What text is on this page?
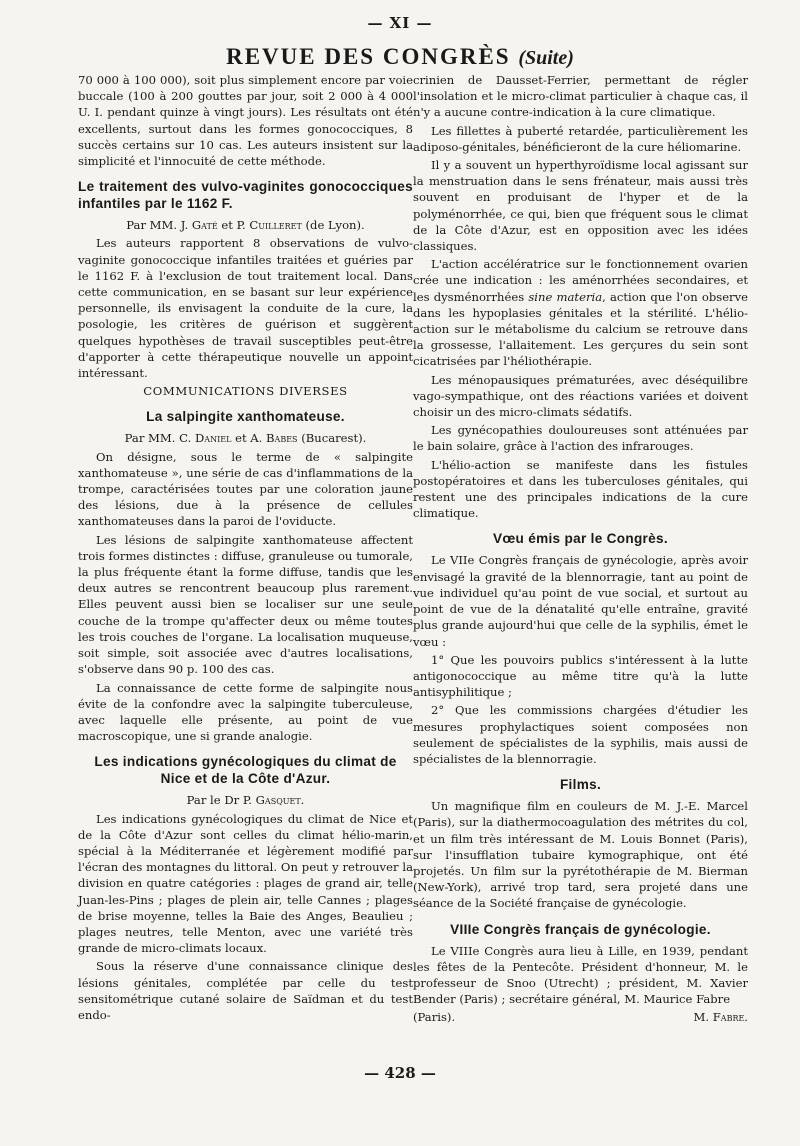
— XI —
REVUE DES CONGRÈS (Suite)

70 000 à 100 000), soit plus simplement encore par voie buccale (100 à 200 gouttes par jour, soit 2 000 à 4 000 U. I. pendant quinze à vingt jours). Les résultats ont été excellents, surtout dans les formes gonococciques, 8 succès certains sur 10 cas. Les auteurs insistent sur la simplicité et l'innocuité de cette méthode.

Le traitement des vulvo-vaginites gonococciques infantiles par le 1162 F.

Par MM. J. Gaté et P. Cuilleret (de Lyon).

Les auteurs rapportent 8 observations de vulvo-vaginite gonococcique infantiles traitées et guéries par le 1162 F. à l'exclusion de tout traitement local. Dans cette communication, en se basant sur leur expérience personnelle, ils envisagent la conduite de la cure, la posologie, les critères de guérison et suggèrent quelques hypothèses de travail susceptibles peut-être d'apporter à cette thérapeutique nouvelle un appoint intéressant.

COMMUNICATIONS DIVERSES

La salpingite xanthomateuse.

Par MM. C. Daniel et A. Babes (Bucarest).

On désigne, sous le terme de « salpingite xanthomateuse », une série de cas d'inflammations de la trompe, caractérisées toutes par une coloration jaune des lésions, due à la présence de cellules xanthomateuses dans la paroi de l'oviducte.

Les lésions de salpingite xanthomateuse affectent trois formes distinctes : diffuse, granuleuse ou tumorale, la plus fréquente étant la forme diffuse, tandis que les deux autres se rencontrent beaucoup plus rarement. Elles peuvent aussi bien se localiser sur une seule couche de la trompe qu'affecter deux ou même toutes les trois couches de l'organe. La localisation muqueuse, soit simple, soit associée avec d'autres localisations, s'observe dans 90 p. 100 des cas.

La connaissance de cette forme de salpingite nous évite de la confondre avec la salpingite tuberculeuse, avec laquelle elle présente, au point de vue macroscopique, une si grande analogie.

Les indications gynécologiques du climat de Nice et de la Côte d'Azur.

Par le Dr P. Gasquet.

Les indications gynécologiques du climat de Nice et de la Côte d'Azur sont celles du climat hélio-marin, spécial à la Méditerranée et légèrement modifié par l'écran des montagnes du littoral. On peut y retrouver la division en quatre catégories : plages de grand air, telle Juan-les-Pins ; plages de plein air, telle Cannes ; plages de brise moyenne, telles la Baie des Anges, Beaulieu ; plages neutres, telle Menton, avec une variété très grande de micro-climats locaux.

Sous la réserve d'une connaissance clinique des lésions génitales, complétée par celle du test sensitométrique cutané solaire de Saïdman et du test endo-

crinien de Dausset-Ferrier, permettant de régler l'insolation et le micro-climat particulier à chaque cas, il n'y a aucune contre-indication à la cure climatique.

Les fillettes à puberté retardée, particulièrement les adiposo-génitales, bénéficieront de la cure héliomarine.

Il y a souvent un hyperthyroïdisme local agissant sur la menstruation dans le sens frénateur, mais aussi très souvent en produisant de l'hyper et de la polyménorrhée, ce qui, bien que fréquent sous le climat de la Côte d'Azur, est en opposition avec les idées classiques.

L'action accélératrice sur le fonctionnement ovarien crée une indication : les aménorrhées secondaires, et les dysménorrhées sine materia, action que l'on observe dans les hypoplasies génitales et la stérilité. L'hélio-action sur le métabolisme du calcium se retrouve dans la grossesse, l'allaitement. Les gerçures du sein sont cicatrisées par l'héliothérapie.

Les ménopausiques prématurées, avec déséquilibre vago-sympathique, ont des réactions variées et doivent choisir un des micro-climats sédatifs.

Les gynécopathies douloureuses sont atténuées par le bain solaire, grâce à l'action des infrarouges.

L'hélio-action se manifeste dans les fistules postopératoires et dans les tuberculoses génitales, qui restent une des principales indications de la cure climatique.

Vœu émis par le Congrès.

Le VIIe Congrès français de gynécologie, après avoir envisagé la gravité de la blennorragie, tant au point de vue individuel qu'au point de vue social, et surtout au point de vue de la dénatalité qu'elle entraîne, gravité plus grande aujourd'hui que celle de la syphilis, émet le vœu :

1° Que les pouvoirs publics s'intéressent à la lutte antigonococcique au même titre qu'à la lutte antisyphilitique ;

2° Que les commissions chargées d'étudier les mesures prophylactiques soient composées non seulement de spécialistes de la syphilis, mais aussi de spécialistes de la blennorragie.

Films.

Un magnifique film en couleurs de M. J.-E. Marcel (Paris), sur la diathermocoagulation des métrites du col, et un film très intéressant de M. Louis Bonnet (Paris), sur l'insufflation tubaire kymographique, ont été projetés. Un film sur la pyrétothérapie de M. Bierman (New-York), arrivé trop tard, sera projeté dans une séance de la Société française de gynécologie.

VIIIe Congrès français de gynécologie.

Le VIIIe Congrès aura lieu à Lille, en 1939, pendant les fêtes de la Pentecôte. Président d'honneur, M. le professeur de Snoo (Utrecht) ; président, M. Xavier Bender (Paris) ; secrétaire général, M. Maurice Fabre

(Paris).	M. Fabre.

— 428 —
